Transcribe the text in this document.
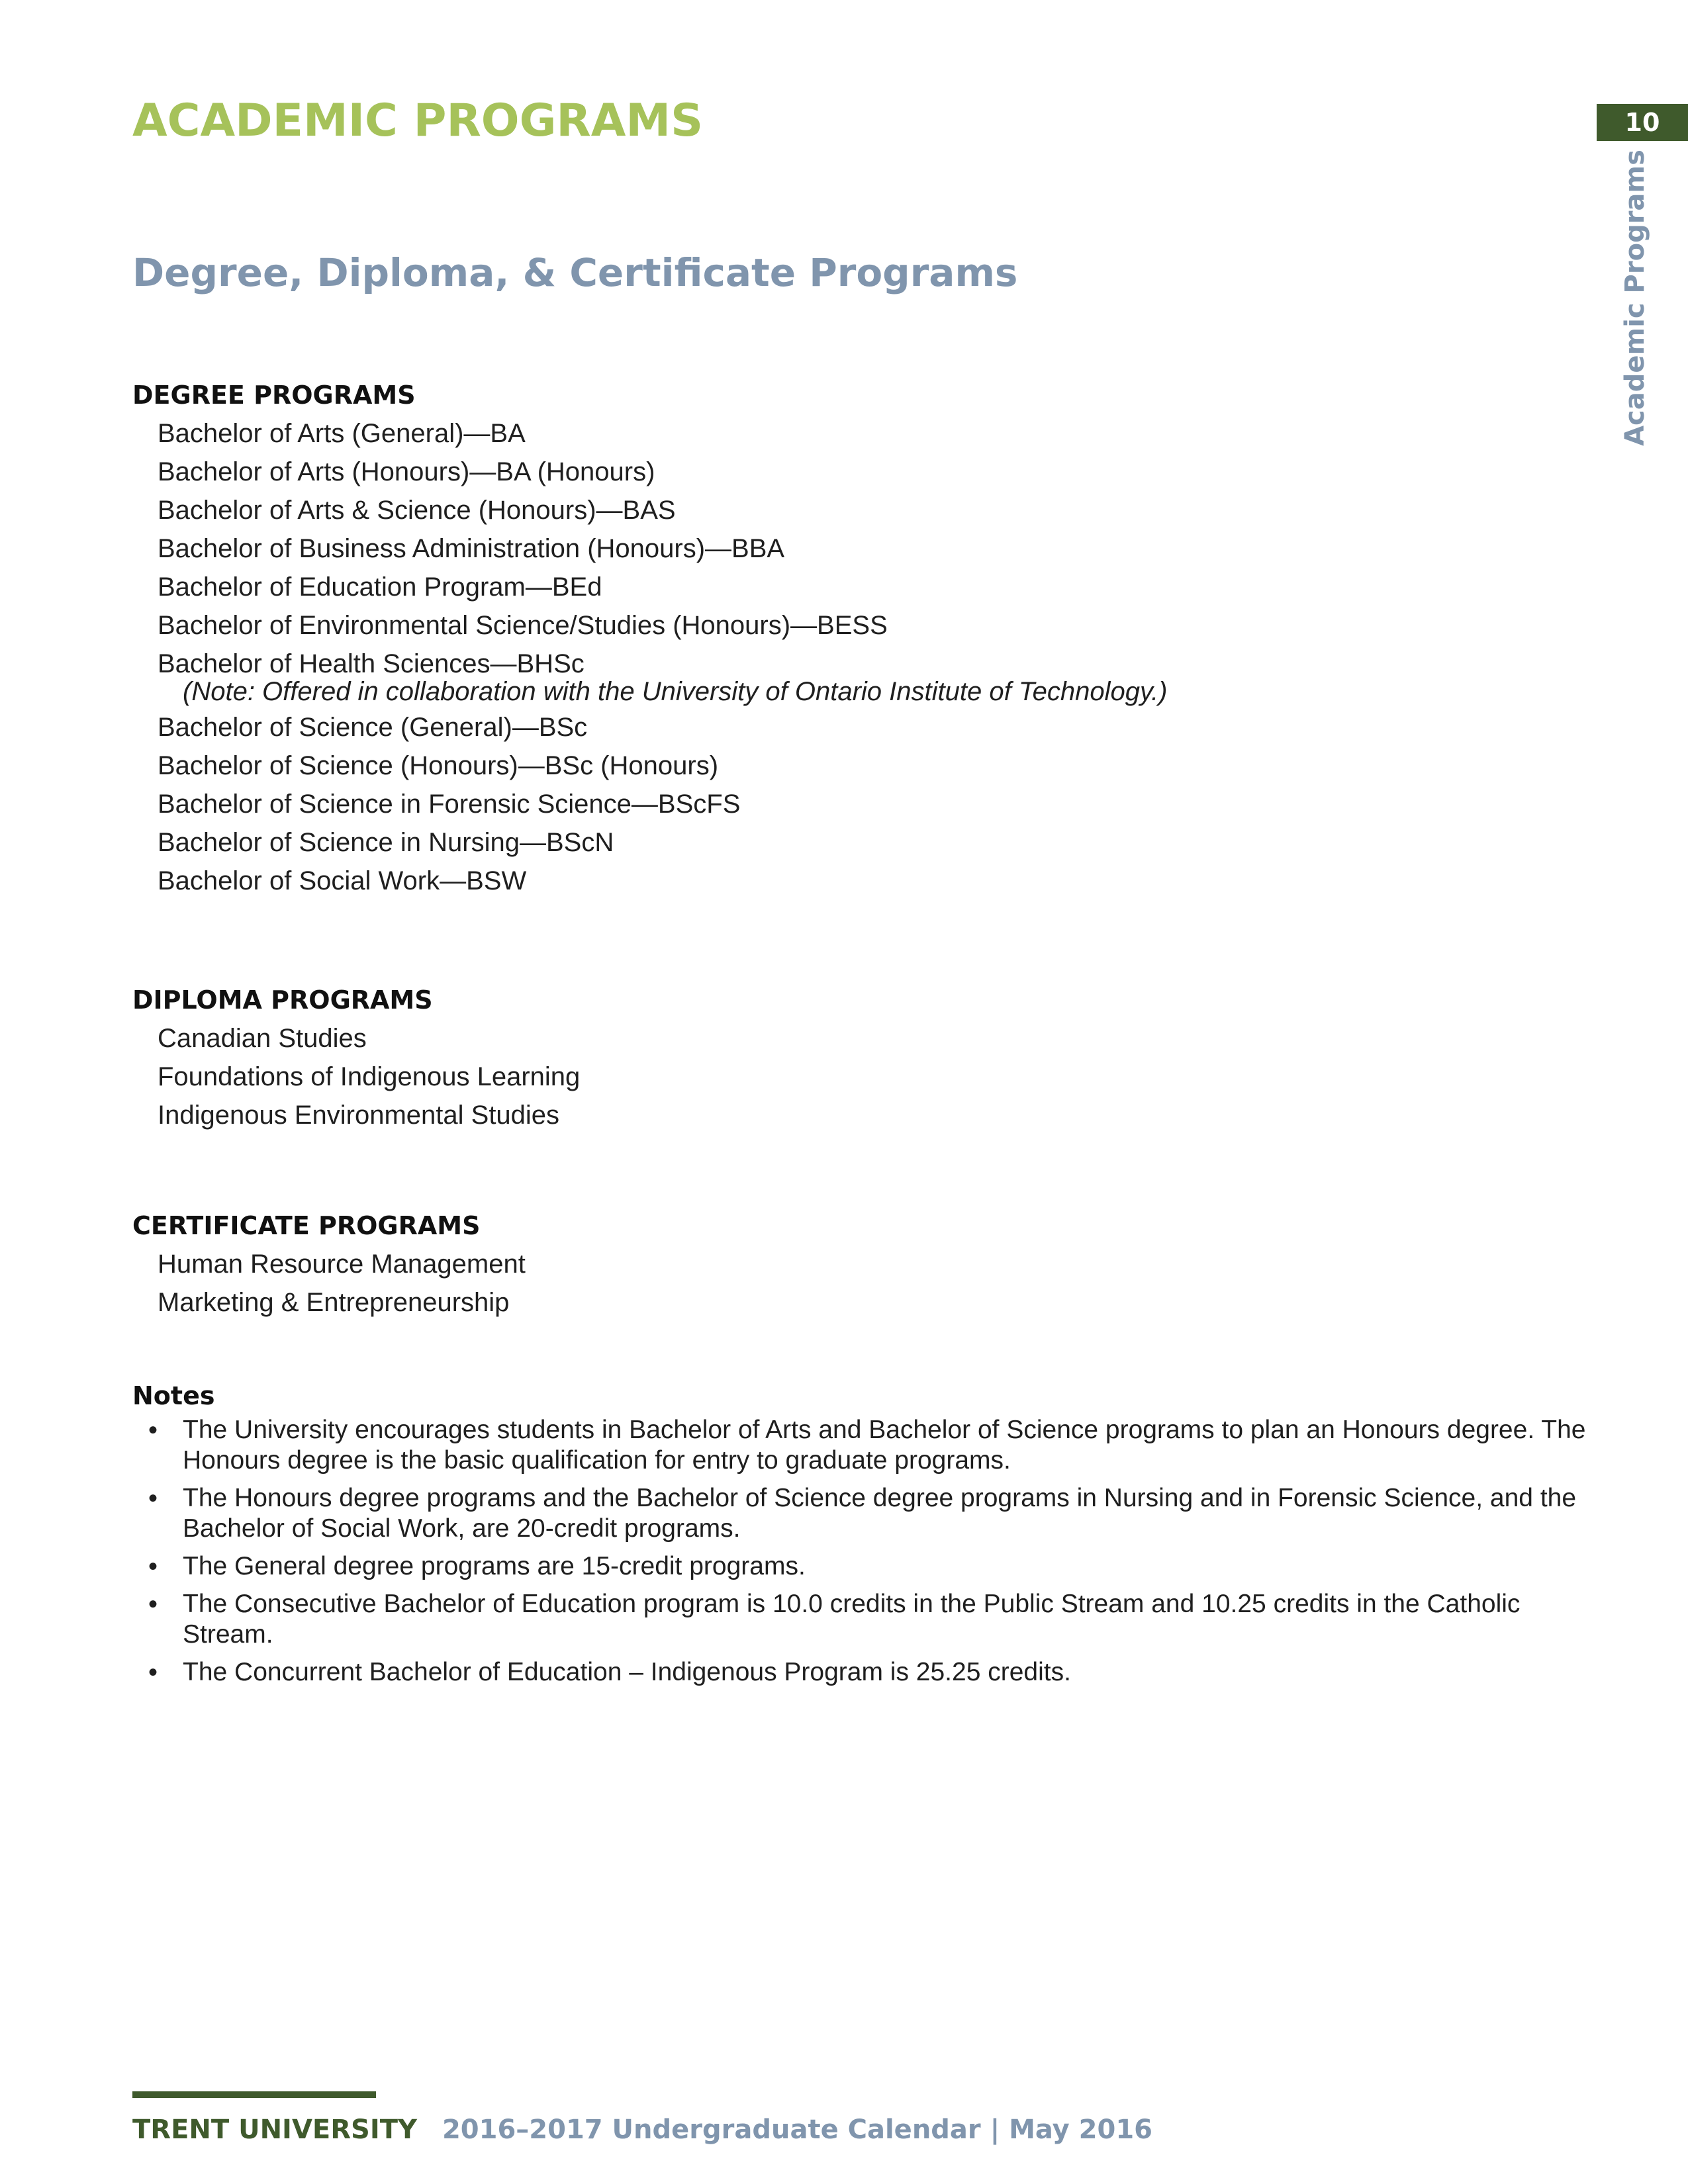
ACADEMIC PROGRAMS	10
Academic Programs
Degree, Diploma, & Certificate Programs
DEGREE PROGRAMS
Bachelor of Arts (General)—BA
Bachelor of Arts (Honours)—BA (Honours)
Bachelor of Arts & Science (Honours)—BAS
Bachelor of Business Administration (Honours)—BBA
Bachelor of Education Program—BEd
Bachelor of Environmental Science/Studies (Honours)—BESS
Bachelor of Health Sciences—BHSc
(Note: Offered in collaboration with the University of Ontario Institute of Technology.)
Bachelor of Science (General)—BSc
Bachelor of Science (Honours)—BSc (Honours)
Bachelor of Science in Forensic Science—BScFS
Bachelor of Science in Nursing—BScN
Bachelor of Social Work—BSW
DIPLOMA PROGRAMS
Canadian Studies
Foundations of Indigenous Learning
Indigenous Environmental Studies
CERTIFICATE PROGRAMS
Human Resource Management
Marketing & Entrepreneurship
Notes
• The University encourages students in Bachelor of Arts and Bachelor of Science programs to plan an Honours degree. The Honours degree is the basic qualification for entry to graduate programs.
• The Honours degree programs and the Bachelor of Science degree programs in Nursing and in Forensic Science, and the Bachelor of Social Work, are 20-credit programs.
• The General degree programs are 15-credit programs.
• The Consecutive Bachelor of Education program is 10.0 credits in the Public Stream and 10.25 credits in the Catholic Stream.
• The Concurrent Bachelor of Education – Indigenous Program is 25.25 credits.
TRENT UNIVERSITY 2016–2017 Undergraduate Calendar | May 2016
